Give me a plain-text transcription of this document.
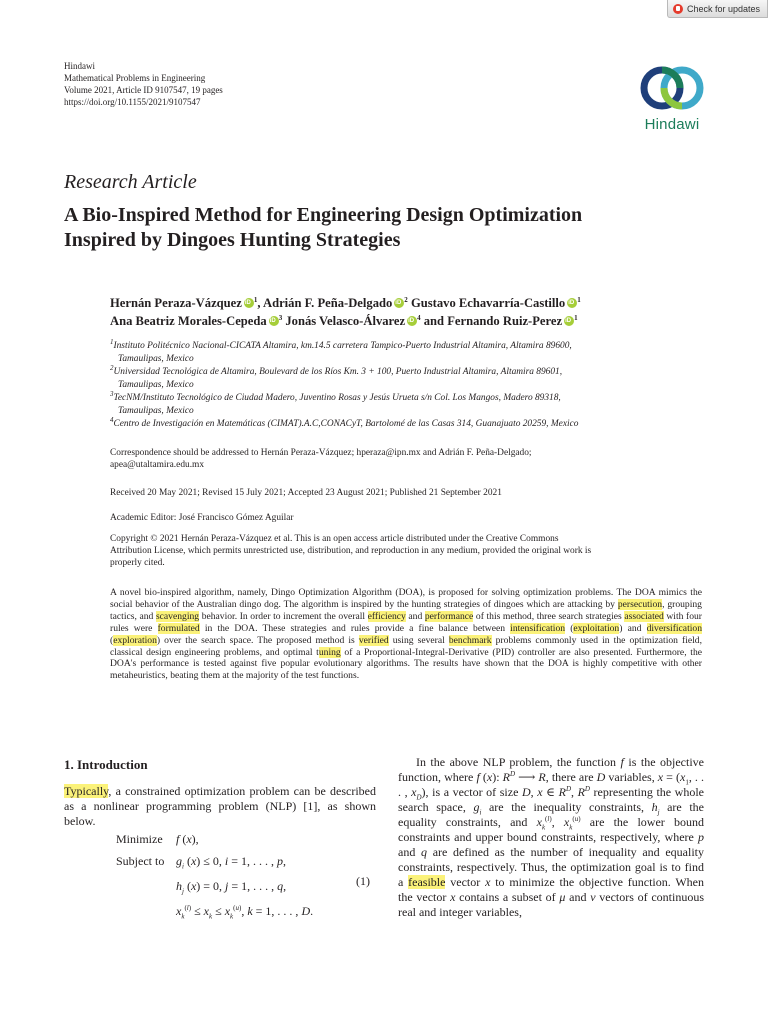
Check for updates
Hindawi
Mathematical Problems in Engineering
Volume 2021, Article ID 9107547, 19 pages
https://doi.org/10.1155/2021/9107547
Hindawi
Research Article
A Bio-Inspired Method for Engineering Design Optimization
Inspired by Dingoes Hunting Strategies
Hernán Peraza-Vázquez iD $^1$, Adrián F. Peña-Delgado iD $^2$ Gustavo Echavarría-Castillo iD $^1$
Ana Beatriz Morales-Cepeda iD $^3$ Jonás Velasco-Álvarez iD $^4$ and Fernando Ruiz-Perez iD $^1$
$^1$Instituto Politécnico Nacional-CICATA Altamira, km.14.5 carretera Tampico-Puerto Industrial Altamira, Altamira 89600,
Tamaulipas, Mexico
$^2$Universidad Tecnológica de Altamira, Boulevard de los Ríos Km. 3 + 100, Puerto Industrial Altamira, Altamira 89601,
Tamaulipas, Mexico
$^3$TecNM/Instituto Tecnológico de Ciudad Madero, Juventino Rosas y Jesús Urueta s/n Col. Los Mangos, Madero 89318,
Tamaulipas, Mexico
$^4$Centro de Investigación en Matemáticas (CIMAT).A.C,CONACyT, Bartolomé de las Casas 314, Guanajuato 20259, Mexico
Correspondence should be addressed to Hernán Peraza-Vázquez; hperaza@ipn.mx and Adrián F. Peña-Delgado;
apea@utaltamira.edu.mx
Received 20 May 2021; Revised 15 July 2021; Accepted 23 August 2021; Published 21 September 2021
Academic Editor: José Francisco Gómez Aguilar
Copyright © 2021 Hernán Peraza-Vázquez et al. This is an open access article distributed under the Creative Commons
Attribution License, which permits unrestricted use, distribution, and reproduction in any medium, provided the original work is
properly cited.
A novel bio-inspired algorithm, namely, Dingo Optimization Algorithm (DOA), is proposed for solving optimization problems. The DOA mimics the social behavior of the Australian dingo dog. The algorithm is inspired by the hunting strategies of dingoes which are attacking by persecution, grouping tactics, and scavenging behavior. In order to increment the overall efficiency and performance of this method, three search strategies associated with four rules were formulated in the DOA. These strategies and rules provide a fine balance between intensification (exploitation) and diversification (exploration) over the search space. The proposed method is verified using several benchmark problems commonly used in the optimization field, classical design engineering problems, and optimal tuning of a Proportional-Integral-Derivative (PID) controller are also presented. Furthermore, the DOA's performance is tested against five popular evolutionary algorithms. The results have shown that the DOA is highly competitive with other metaheuristics, beating them at the majority of the test functions.
1. Introduction
Typically, a constrained optimization problem can be described as a nonlinear programming problem (NLP) [1], as shown below.
Minimize f (x),
Subject to $g_i$ (x) ≤ 0, i = 1, . . . , p,
$h_j$ (x) = 0, j = 1, . . . , q,
$x_k^{(l)} \le x_k \le x_k^{(u)}$, k = 1, . . . , D.
(1)
In the above NLP problem, the function f is the objective function, where f (x): $R^D$ ⟶ R, there are D variables, $x = (x_1$, . . . , $x_D$), is a vector of size D, x ∈ $R^D$, $R^D$ representing the whole search space, $g_i$ are the inequality constraints, $h_j$ are the equality constraints, and $x_k^{(l)}$, $x_k^{(u)}$ are the lower bound constraints and upper bound constraints, respectively, where p and q are defined as the number of inequality and equality constraints, respectively. Thus, the optimization goal is to find a feasible vector x to minimize the objective function. When the vector x contains a subset of μ and ν vectors of continuous real and integer variables,
